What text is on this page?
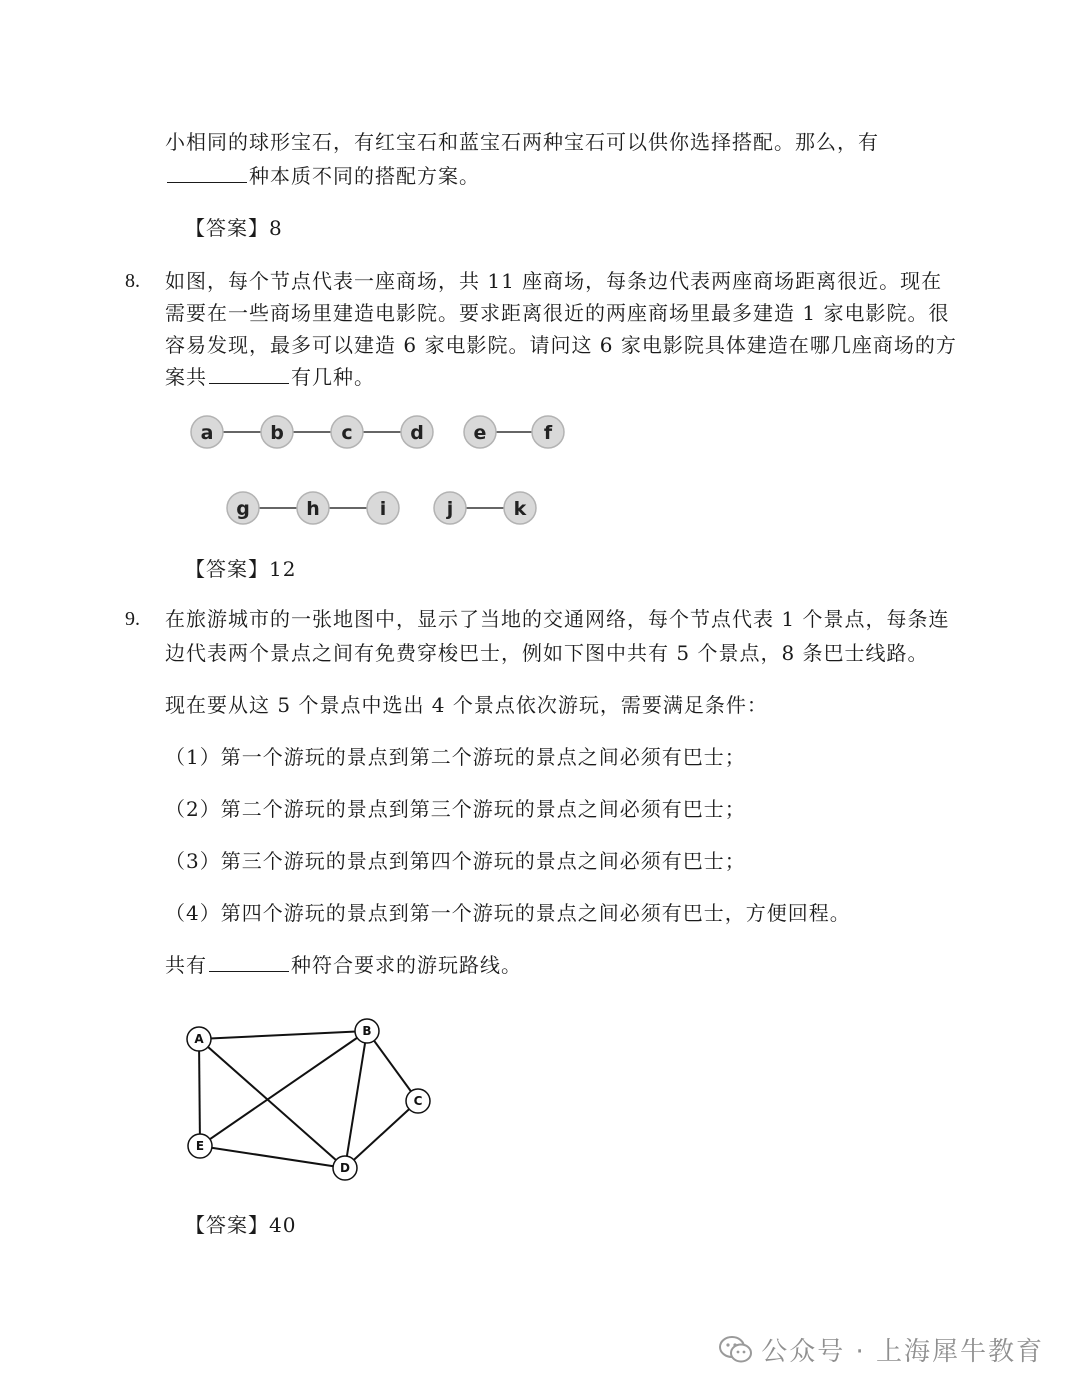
小相同的球形宝石，有红宝石和蓝宝石两种宝石可以供你选择搭配。那么，有
种本质不同的搭配方案。
【答案】8
8. 如图，每个节点代表一座商场，共 11 座商场，每条边代表两座商场距离很近。现在
需要在一些商场里建造电影院。要求距离很近的两座商场里最多建造 1 家电影院。很
容易发现，最多可以建造 6 家电影院。请问这 6 家电影院具体建造在哪几座商场的方
案共	有几种。
a	b	c	d	e	f
g	h	i	j	k
【答案】12
9. 在旅游城市的一张地图中，显示了当地的交通网络，每个节点代表 1 个景点，每条连
边代表两个景点之间有免费穿梭巴士，例如下图中共有 5 个景点，8 条巴士线路。
现在要从这 5 个景点中选出 4 个景点依次游玩，需要满足条件：
（1）第一个游玩的景点到第二个游玩的景点之间必须有巴士；
（2）第二个游玩的景点到第三个游玩的景点之间必须有巴士；
（3）第三个游玩的景点到第四个游玩的景点之间必须有巴士；
（4）第四个游玩的景点到第一个游玩的景点之间必须有巴士，方便回程。
共有	种符合要求的游玩路线。
A
B
C
D
E
【答案】40
公众号 · 上海犀牛教育
